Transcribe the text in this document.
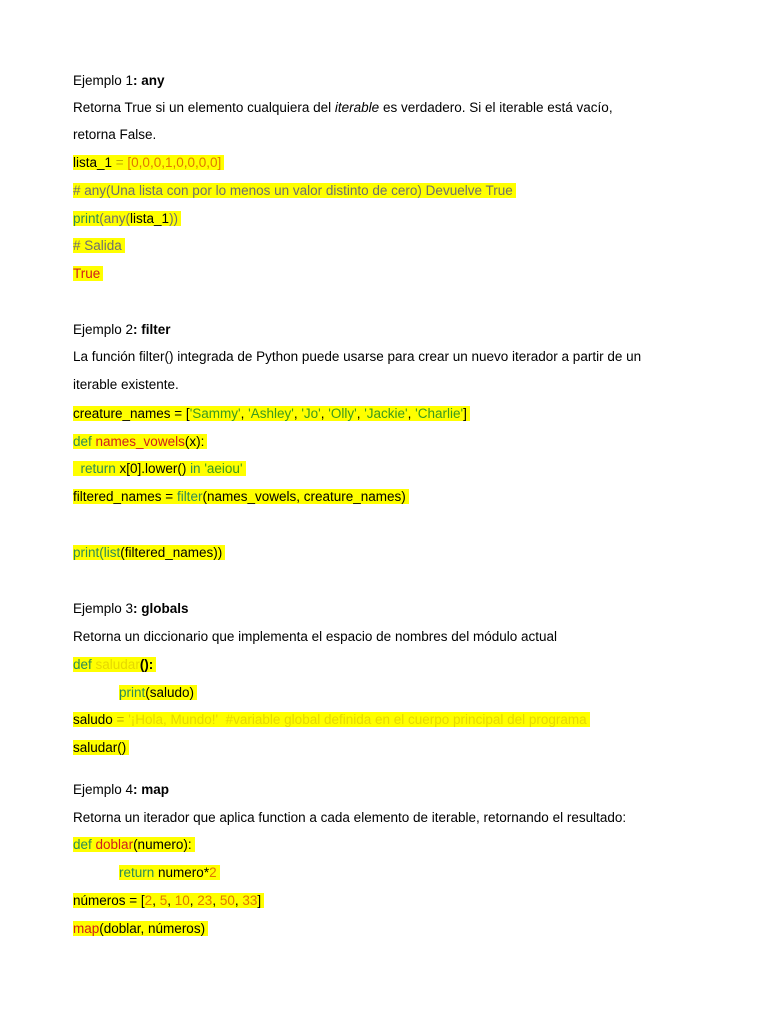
Ejemplo 1: any
Retorna True si un elemento cualquiera del iterable es verdadero. Si el iterable está vacío,
retorna False.
lista_1 = [0,0,0,1,0,0,0,0]
# any(Una lista con por lo menos un valor distinto de cero) Devuelve True
print(any(lista_1))
# Salida
True
Ejemplo 2: filter
La función filter() integrada de Python puede usarse para crear un nuevo iterador a partir de un
iterable existente.
creature_names = ['Sammy', 'Ashley', 'Jo', 'Olly', 'Jackie', 'Charlie']
def names_vowels(x):
return x[0].lower() in 'aeiou'
filtered_names = filter(names_vowels, creature_names)
print(list(filtered_names))
Ejemplo 3: globals
Retorna un diccionario que implementa el espacio de nombres del módulo actual
def saludar():
print(saludo)
saludo = '¡Hola, Mundo!'  #variable global definida en el cuerpo principal del programa
saludar()
Ejemplo 4: map
Retorna un iterador que aplica function a cada elemento de iterable, retornando el resultado:
def doblar(numero):
return numero*2
números = [2, 5, 10, 23, 50, 33]
map(doblar, números)
